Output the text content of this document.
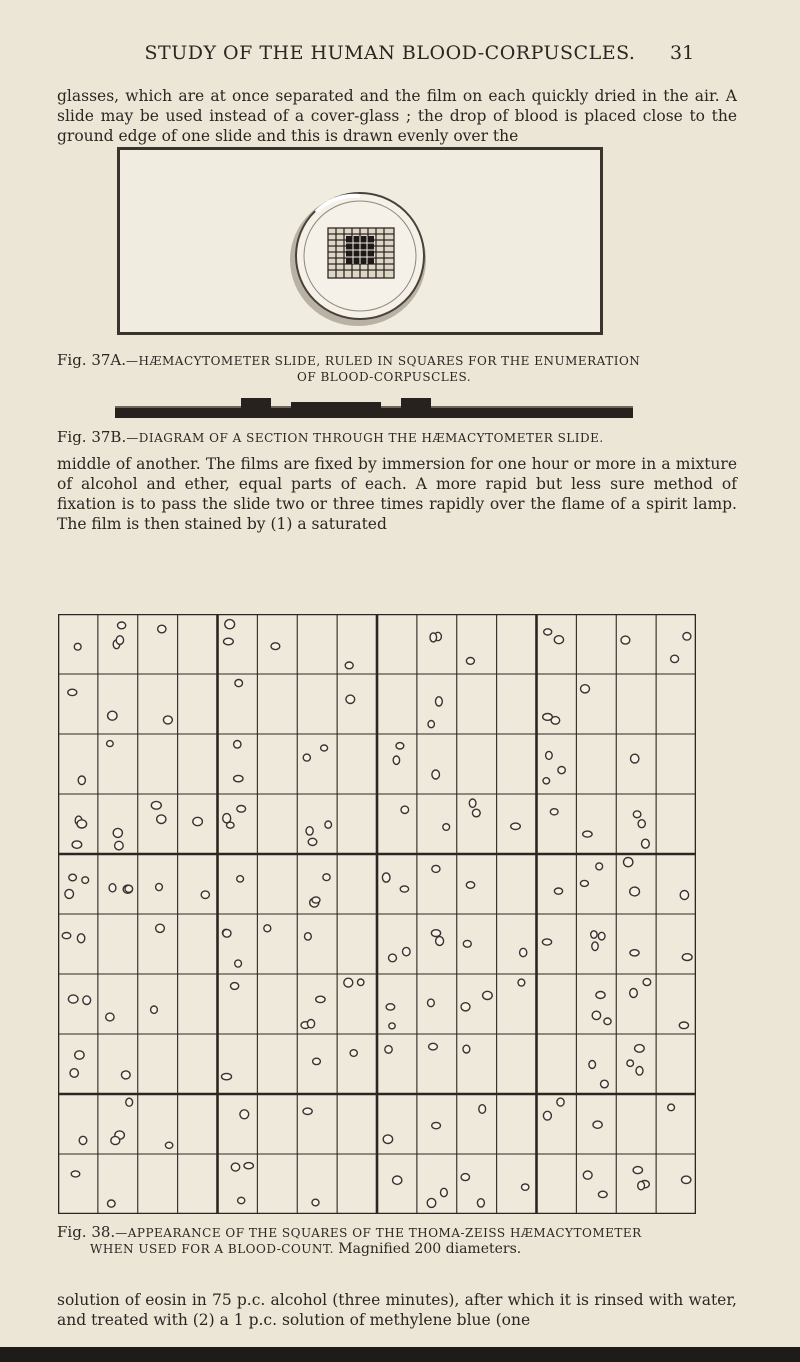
STUDY OF THE HUMAN BLOOD-CORPUSCLES.	31

glasses, which are at once separated and the film on each quickly dried in the air. A slide may be used instead of a cover-glass ; the drop of blood is placed close to the ground edge of one slide and this is drawn evenly over the

Fig. 37A.—HÆMACYTOMETER SLIDE, RULED IN SQUARES FOR THE ENUMERATION
OF BLOOD-CORPUSCLES.
Fig. 37B.—DIAGRAM OF A SECTION THROUGH THE HÆMACYTOMETER SLIDE.

middle of another. The films are fixed by immersion for one hour or more in a mixture of alcohol and ether, equal parts of each. A more rapid but less sure method of fixation is to pass the slide two or three times rapidly over the flame of a spirit lamp. The film is then stained by (1) a saturated

Fig. 38.—APPEARANCE OF THE SQUARES OF THE THOMA-ZEISS HÆMACYTOMETER
WHEN USED FOR A BLOOD-COUNT. Magnified 200 diameters.

solution of eosin in 75 p.c. alcohol (three minutes), after which it is rinsed with water, and treated with (2) a 1 p.c. solution of methylene blue (one
